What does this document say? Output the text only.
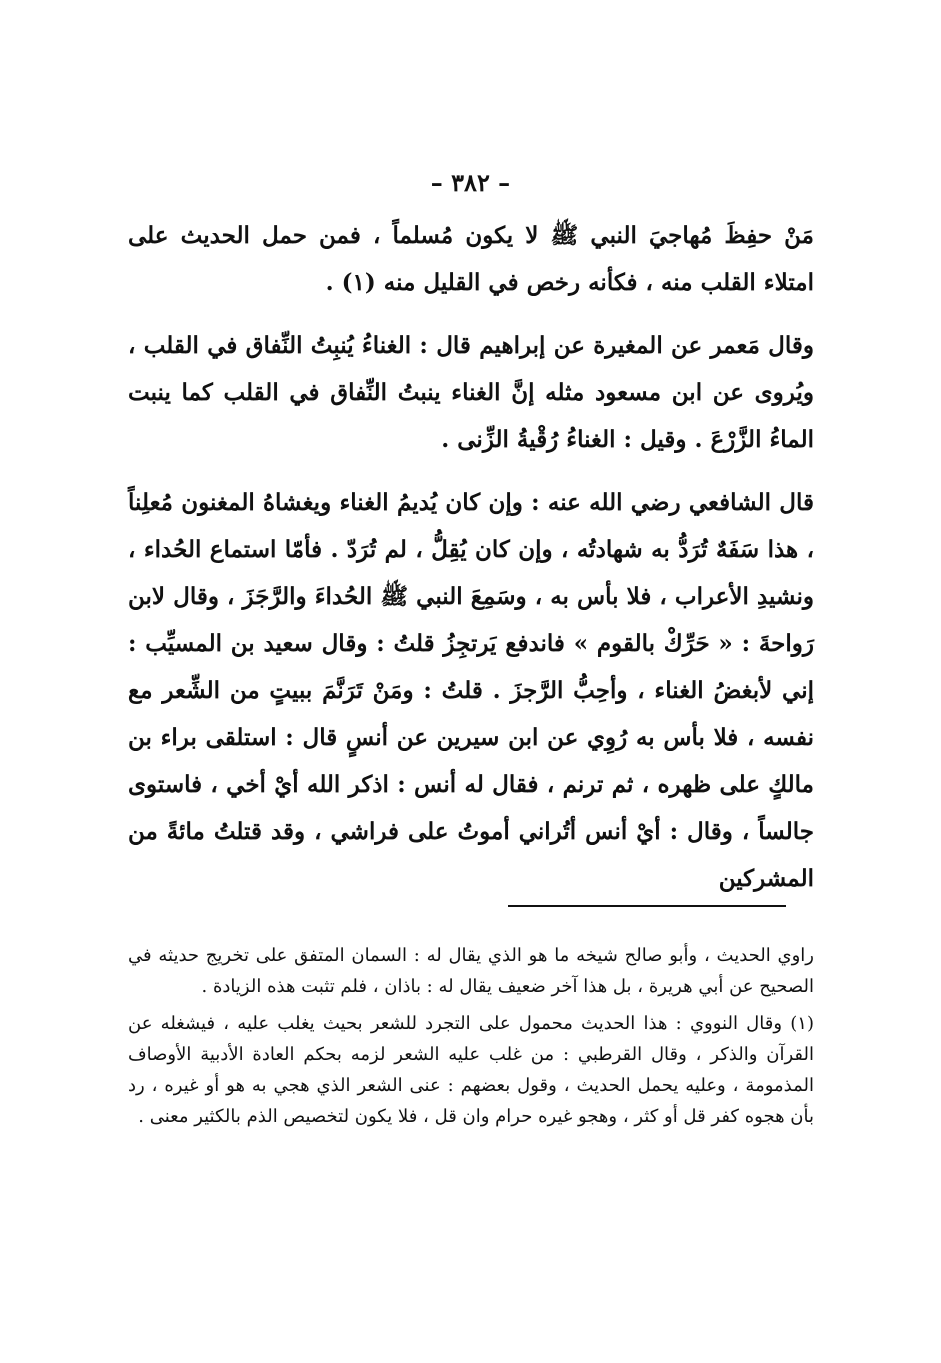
– ٣٨٢ –

مَنْ حفِظَ مُهاجيَ النبي ﷺ لا يكون مُسلماً ، فمن حمل الحديث على امتلاء القلب منه ، فكأنه رخص في القليل منه (١) .

وقال مَعمر عن المغيرة عن إبراهيم قال : الغناءُ يُنبِتُ النِّفاق في القلب ، ويُروى عن ابن مسعود مثله إنَّ الغناء ينبتُ النِّفاق في القلب كما ينبت الماءُ الزَّرْعَ . وقيل : الغناءُ رُقْيةُ الزِّنى .

قال الشافعي رضي الله عنه : وإن كان يُديمُ الغناء ويغشاهُ المغنون مُعلِناً ، هذا سَفَهٌ تُرَدُّ به شهادتُه ، وإن كان يُقِلُّ ، لم تُرَدّ . فأمّا استماع الحُداء ، ونشيدِ الأعراب ، فلا بأس به ، وسَمِعَ النبي ﷺ الحُداءَ والرَّجَزَ ، وقال لابن رَواحةَ : « حَرِّكْ بالقوم » فاندفع يَرتجِزُ قلتُ : وقال سعيد بن المسيِّب : إني لأبغضُ الغناء ، وأحِبُّ الرَّجزَ . قلتُ : ومَنْ تَرَنَّمَ ببيتٍ من الشِّعر مع نفسه ، فلا بأس به رُوِي عن ابن سيرين عن أنسٍ قال : استلقى براء بن مالكٍ على ظهره ، ثم ترنم ، فقال له أنس : اذكر الله أيْ أخي ، فاستوى جالساً ، وقال : أيْ أنس أتُراني أموتُ على فراشي ، وقد قتلتُ مائةً من المشركين

راوي الحديث ، وأبو صالح شيخه ما هو الذي يقال له : السمان المتفق على تخريج حديثه في الصحيح عن أبي هريرة ، بل هذا آخر ضعيف يقال له : باذان ، فلم تثبت هذه الزيادة .

(١) وقال النووي : هذا الحديث محمول على التجرد للشعر بحيث يغلب عليه ، فيشغله عن القرآن والذكر ، وقال القرطبي : من غلب عليه الشعر لزمه بحكم العادة الأدبية الأوصاف المذمومة ، وعليه يحمل الحديث ، وقول بعضهم : عنى الشعر الذي هجي به هو أو غيره ، رد بأن هجوه كفر قل أو كثر ، وهجو غيره حرام وان قل ، فلا يكون لتخصيص الذم بالكثير معنى .
